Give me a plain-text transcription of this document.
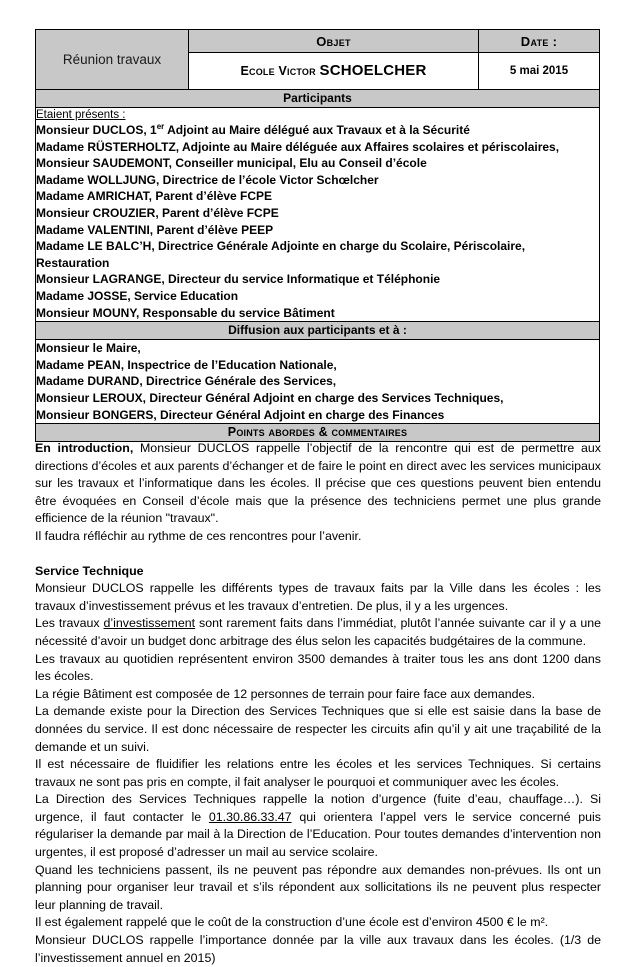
Réunion travaux	Objet	Date :
	Ecole Victor SCHOELCHER	5 mai 2015
Participants		

Etaient présents :
Monsieur DUCLOS, 1er Adjoint au Maire délégué aux Travaux et à la Sécurité
Madame RÜSTERHOLTZ, Adjointe au Maire déléguée aux Affaires scolaires et périscolaires,
Monsieur SAUDEMONT, Conseiller municipal, Elu au Conseil d’école
Madame WOLLJUNG, Directrice de l’école Victor Schœlcher
Madame AMRICHAT, Parent d’élève FCPE
Monsieur CROUZIER, Parent d’élève FCPE
Madame VALENTINI, Parent d’élève PEEP
Madame LE BALC’H, Directrice Générale Adjointe en charge du Scolaire, Périscolaire,
Restauration
Monsieur LAGRANGE, Directeur du service Informatique et Téléphonie
Madame JOSSE, Service Education
Monsieur MOUNY, Responsable du service Bâtiment

Diffusion aux participants et à :		

Monsieur le Maire,
Madame PEAN, Inspectrice de l’Education Nationale,
Madame DURAND, Directrice Générale des Services,
Monsieur LEROUX, Directeur Général Adjoint en charge des Services Techniques,
Monsieur BONGERS, Directeur Général Adjoint en charge des Finances		

Points abordes & commentaires		

En introduction, Monsieur DUCLOS rappelle l’objectif de la rencontre qui est de permettre aux directions d’écoles et aux parents d’échanger et de faire le point en direct avec les services municipaux sur les travaux et l’informatique dans les écoles. Il précise que ces questions peuvent bien entendu être évoquées en Conseil d’école mais que la présence des techniciens permet une plus grande efficience de la réunion "travaux".

Il faudra réfléchir au rythme de ces rencontres pour l’avenir.

Service Technique

Monsieur DUCLOS rappelle les différents types de travaux faits par la Ville dans les écoles : les travaux d’investissement prévus et les travaux d’entretien. De plus, il y a les urgences.

Les travaux d’investissement sont rarement faits dans l’immédiat, plutôt l’année suivante car il y a une nécessité d’avoir un budget donc arbitrage des élus selon les capacités budgétaires de la commune.

Les travaux au quotidien représentent environ 3500 demandes à traiter tous les ans dont 1200 dans les écoles.

La régie Bâtiment est composée de 12 personnes de terrain pour faire face aux demandes.

La demande existe pour la Direction des Services Techniques que si elle est saisie dans la base de données du service. Il est donc nécessaire de respecter les circuits afin qu’il y ait une traçabilité de la demande et un suivi.

Il est nécessaire de fluidifier les relations entre les écoles et les services Techniques. Si certains travaux ne sont pas pris en compte, il fait analyser le pourquoi et communiquer avec les écoles.

La Direction des Services Techniques rappelle la notion d’urgence (fuite d’eau, chauffage…). Si urgence, il faut contacter le 01.30.86.33.47 qui orientera l’appel vers le service concerné puis régulariser la demande par mail à la Direction de l’Education. Pour toutes demandes d’intervention non urgentes, il est proposé d’adresser un mail au service scolaire.

Quand les techniciens passent, ils ne peuvent pas répondre aux demandes non-prévues. Ils ont un planning pour organiser leur travail et s’ils répondent aux sollicitations ils ne peuvent plus respecter leur planning de travail.

Il est également rappelé que le coût de la construction d’une école est d’environ 4500 € le m².

Monsieur DUCLOS rappelle l’importance donnée par la ville aux travaux dans les écoles. (1/3 de l’investissement annuel en 2015)
